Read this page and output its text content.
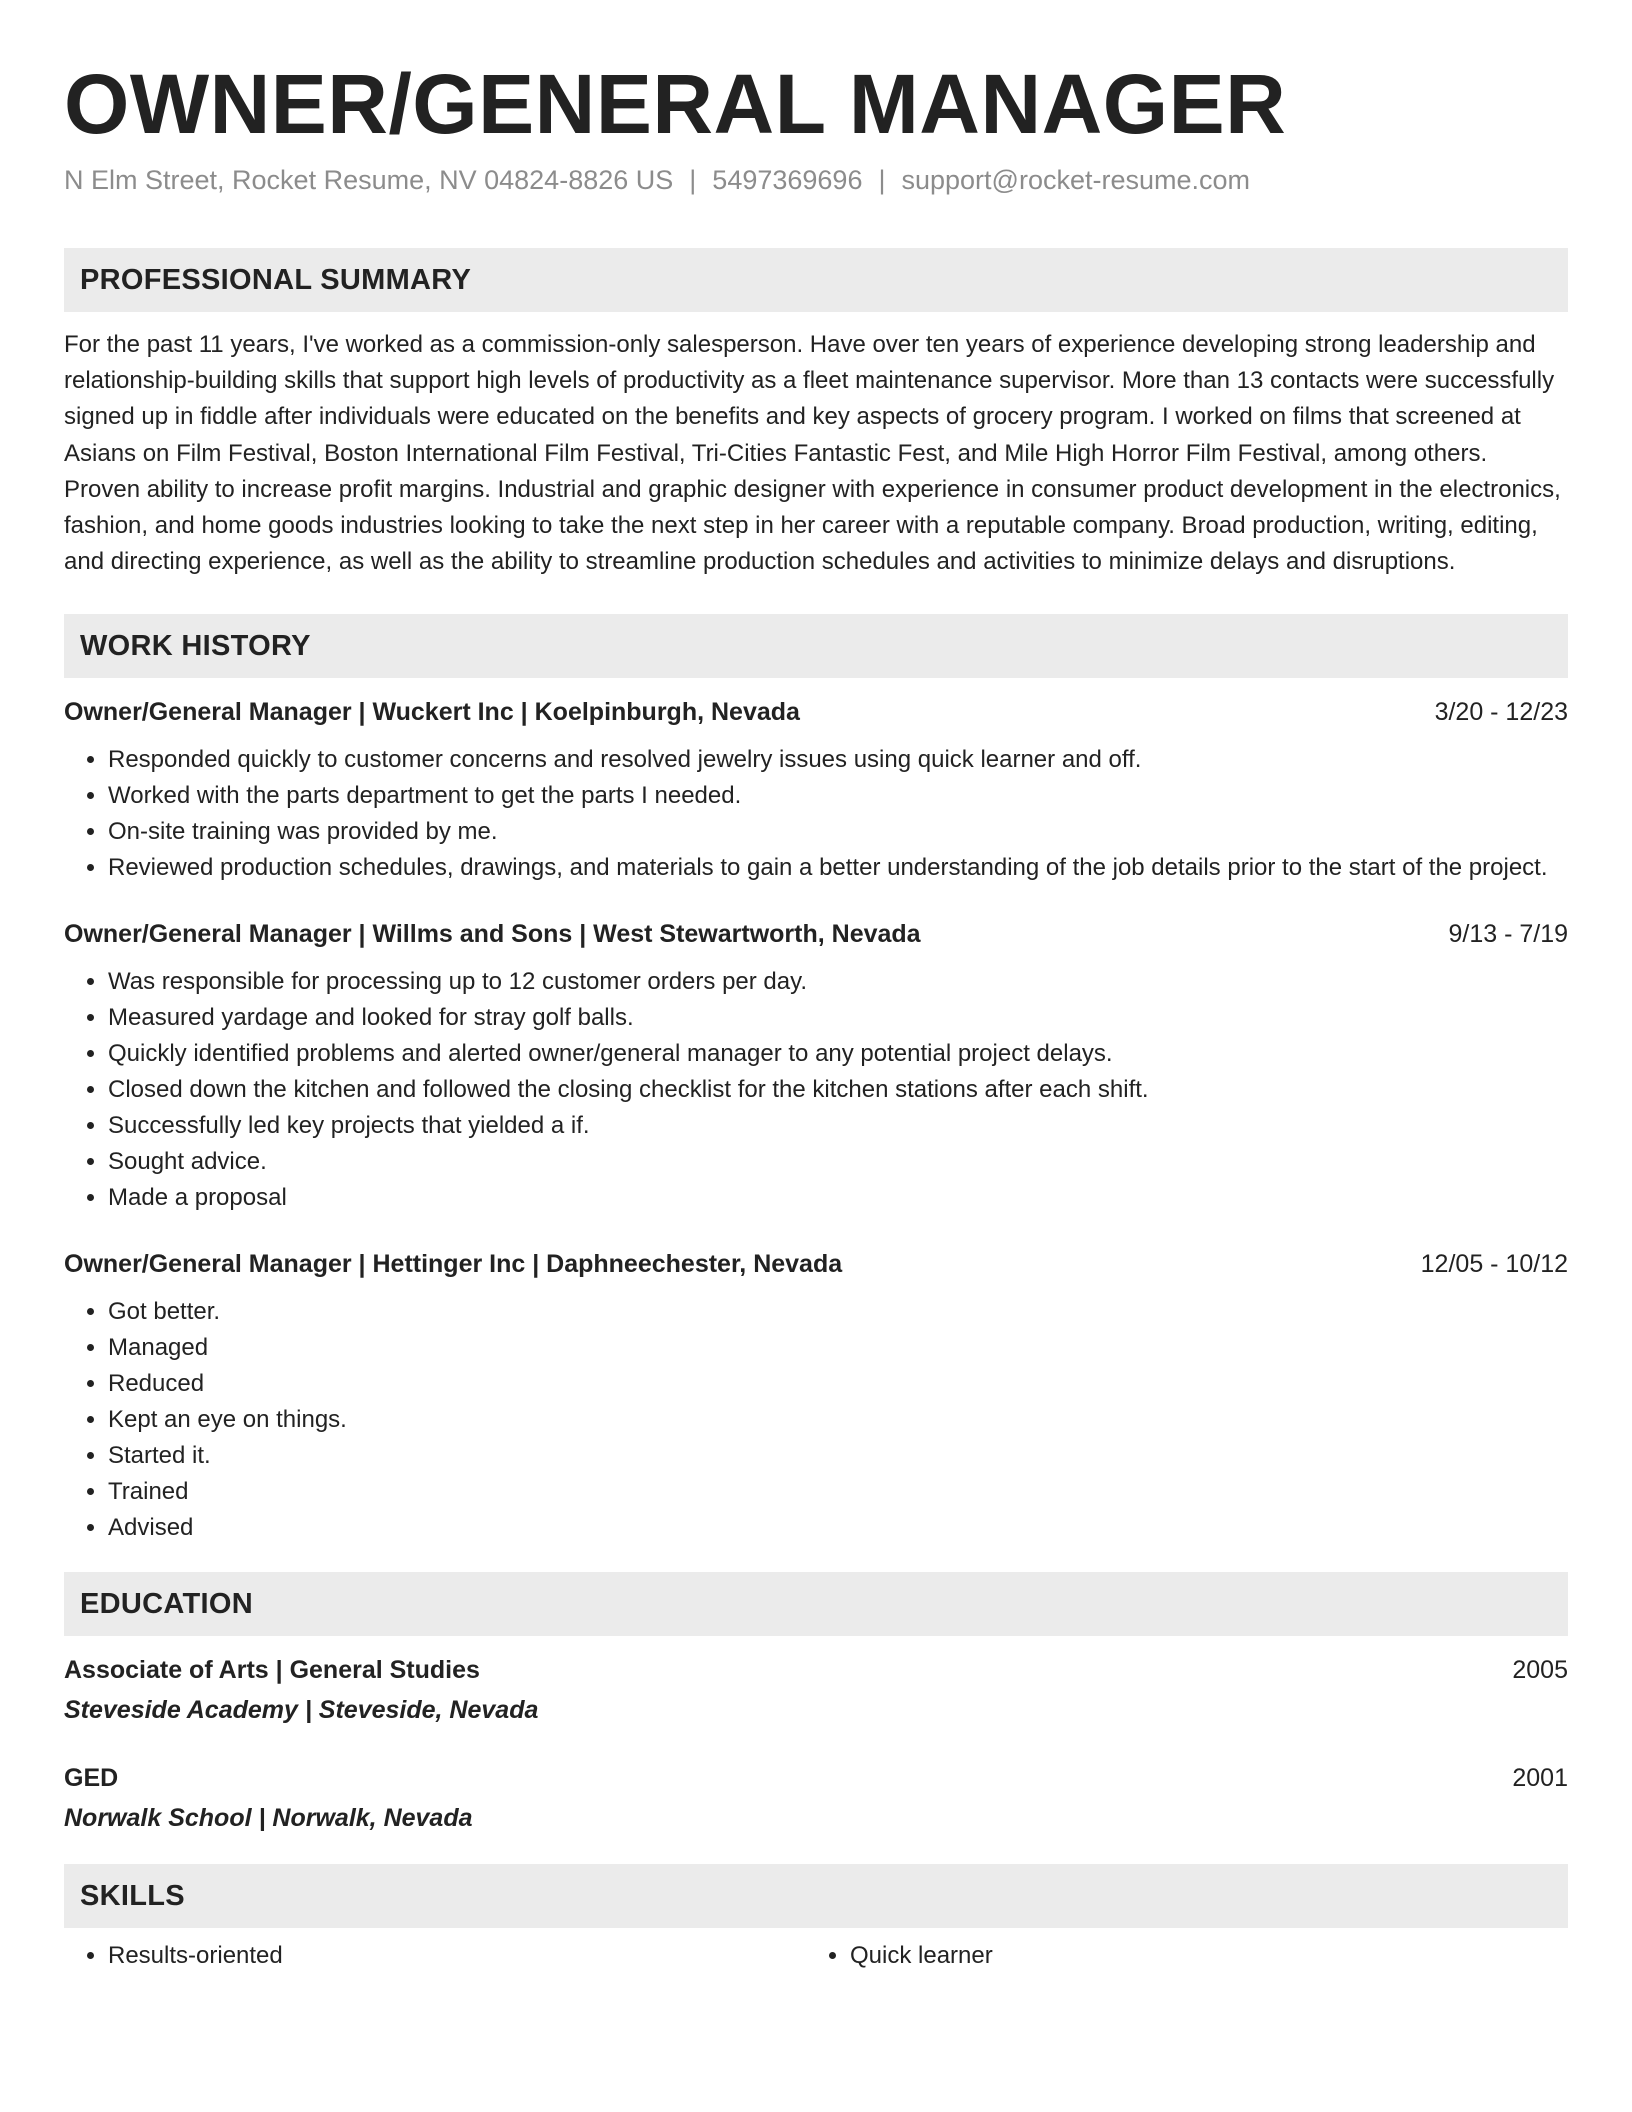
OWNER/GENERAL MANAGER
N Elm Street, Rocket Resume, NV 04824-8826 US | 5497369696 | support@rocket-resume.com
PROFESSIONAL SUMMARY
For the past 11 years, I've worked as a commission-only salesperson. Have over ten years of experience developing strong leadership and relationship-building skills that support high levels of productivity as a fleet maintenance supervisor. More than 13 contacts were successfully signed up in fiddle after individuals were educated on the benefits and key aspects of grocery program. I worked on films that screened at Asians on Film Festival, Boston International Film Festival, Tri-Cities Fantastic Fest, and Mile High Horror Film Festival, among others. Proven ability to increase profit margins. Industrial and graphic designer with experience in consumer product development in the electronics, fashion, and home goods industries looking to take the next step in her career with a reputable company. Broad production, writing, editing, and directing experience, as well as the ability to streamline production schedules and activities to minimize delays and disruptions.
WORK HISTORY
Owner/General Manager | Wuckert Inc | Koelpinburgh, Nevada	3/20 - 12/23
• Responded quickly to customer concerns and resolved jewelry issues using quick learner and off.
• Worked with the parts department to get the parts I needed.
• On-site training was provided by me.
• Reviewed production schedules, drawings, and materials to gain a better understanding of the job details prior to the start of the project.
Owner/General Manager | Willms and Sons | West Stewartworth, Nevada	9/13 - 7/19
• Was responsible for processing up to 12 customer orders per day.
• Measured yardage and looked for stray golf balls.
• Quickly identified problems and alerted owner/general manager to any potential project delays.
• Closed down the kitchen and followed the closing checklist for the kitchen stations after each shift.
• Successfully led key projects that yielded a if.
• Sought advice.
• Made a proposal
Owner/General Manager | Hettinger Inc | Daphneechester, Nevada	12/05 - 10/12
• Got better.
• Managed
• Reduced
• Kept an eye on things.
• Started it.
• Trained
• Advised
EDUCATION
Associate of Arts | General Studies	2005
Steveside Academy | Steveside, Nevada
GED	2001
Norwalk School | Norwalk, Nevada
SKILLS
• Results-oriented
•	Quick learner
